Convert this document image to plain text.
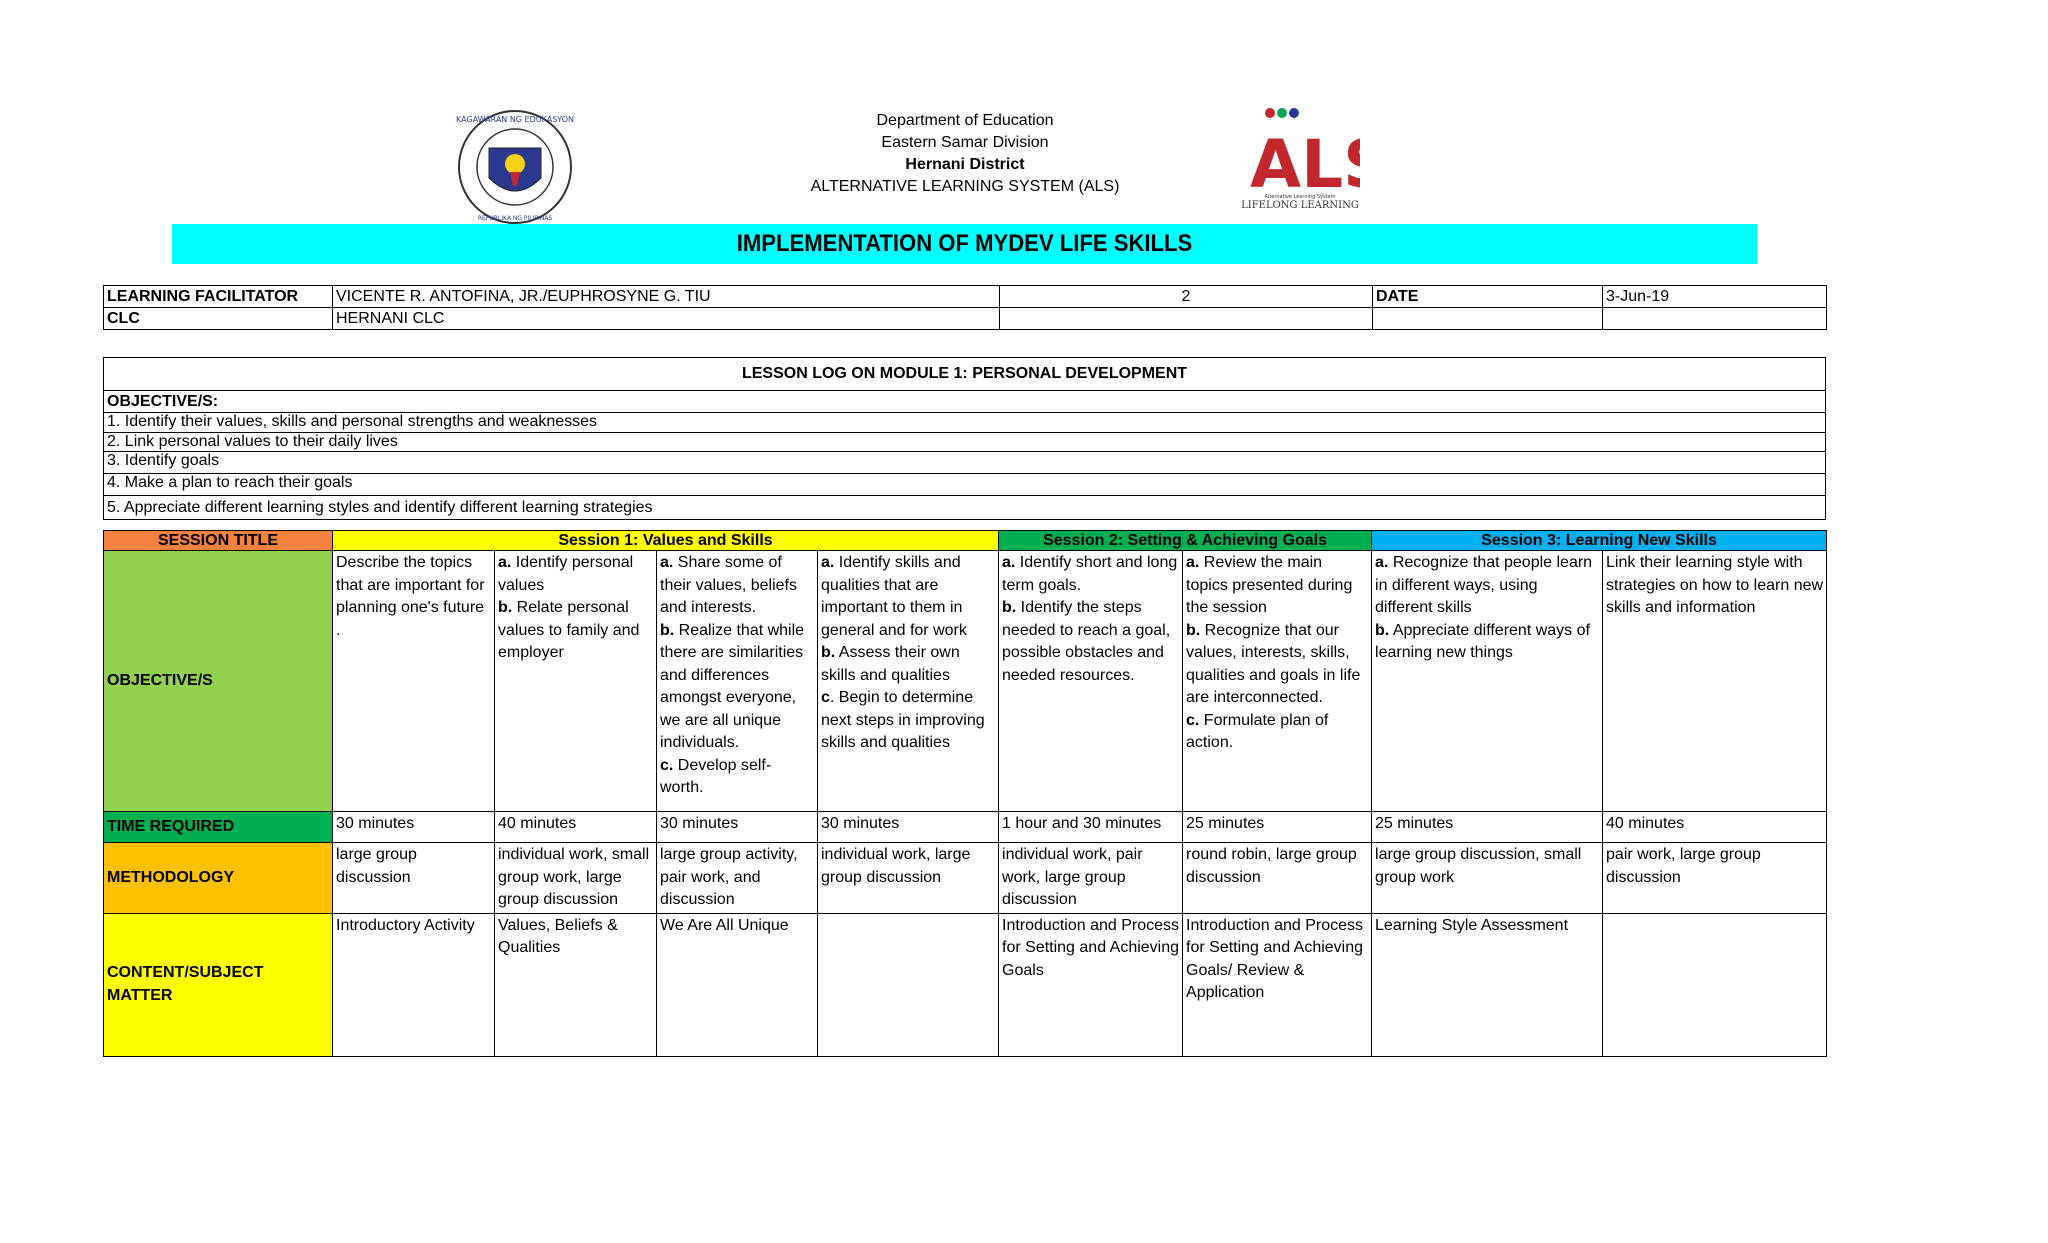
KAGAWARAN NG EDUKASYON
REPUBLIKA NG PILIPINAS
Department of Education
Eastern Samar Division
Hernani District
ALTERNATIVE LEARNING SYSTEM (ALS)	AL
Alternative Learning System
LIFELONG LEARNING
IMPLEMENTATION OF MYDEV LIFE SKILLS
LEARNING FACILITATOR	VICENTE R. ANTOFINA, JR./EUPHROSYNE G. TIU	2	DATE	3-Jun-19
CLC	HERNANI CLC			
LESSON LOG ON MODULE 1: PERSONAL DEVELOPMENT
OBJECTIVE/S:
1. Identify their values, skills and personal strengths and weaknesses
2. Link personal values to their daily lives
3. Identify goals
4. Make a plan to reach their goals
5. Appreciate different learning styles and identify different learning strategies
SESSION TITLE	Session 1: Values and Skills				Session 2: Setting & Achieving Goals		Session 3: Learning New Skills	
OBJECTIVE/S	Describe the topics that are important for planning one's future .	a. Identify personal values
b. Relate personal values to family and employer	a. Share some of their values, beliefs and interests.
b. Realize that while there are similarities and differences amongst everyone, we are all unique individuals.
c. Develop self-worth.	a. Identify skills and qualities that are important to them in general and for work
b. Assess their own skills and qualities
c. Begin to determine next steps in improving skills and qualities	a. Identify short and long term goals.
b. Identify the steps needed to reach a goal, possible obstacles and needed resources.	a. Review the main topics presented during the session
b. Recognize that our values, interests, skills, qualities and goals in life are interconnected.
c. Formulate plan of action.	a. Recognize that people learn in different ways, using different skills
b. Appreciate different ways of learning new things	Link their learning style with strategies on how to learn new skills and information
TIME REQUIRED	30 minutes	40 minutes	30 minutes	30 minutes	1 hour and 30 minutes	25 minutes	25 minutes	40 minutes
METHODOLOGY	large group discussion	individual work, small group work, large group discussion	large group activity, pair work, and discussion	individual work, large group discussion	individual work, pair work, large group discussion	round robin, large group discussion	large group discussion, small group work	pair work, large group discussion
CONTENT/SUBJECT MATTER	Introductory Activity	Values, Beliefs & Qualities	We Are All Unique		Introduction and Process for Setting and Achieving Goals	Introduction and Process for Setting and Achieving Goals/ Review & Application	Learning Style Assessment	
